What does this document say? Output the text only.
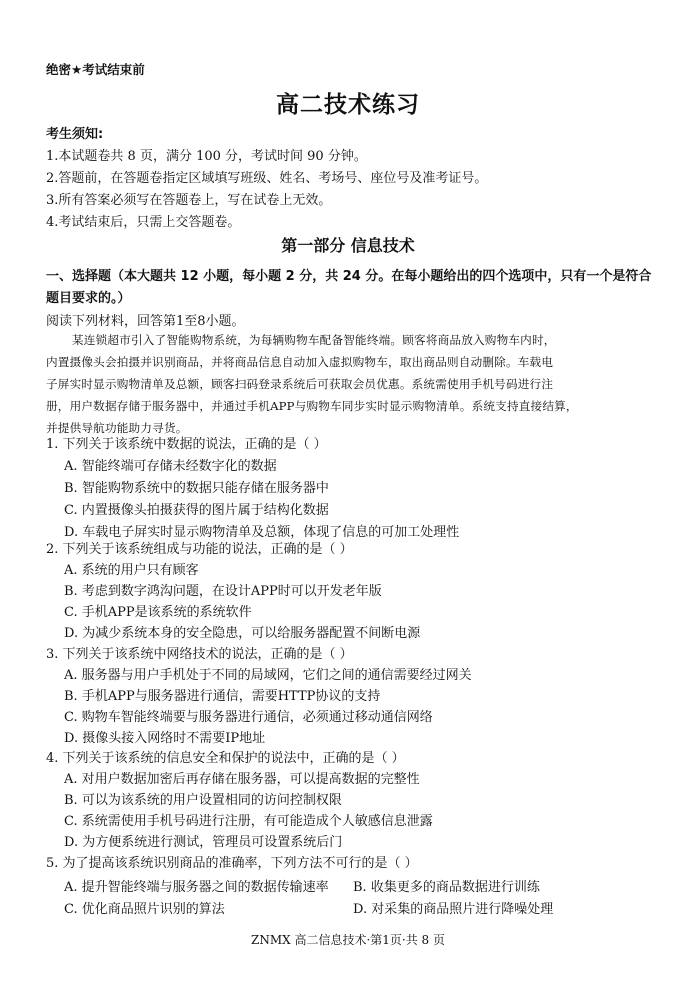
绝密★考试结束前
高二技术练习
考生须知:
1.本试题卷共 8 页，满分 100 分，考试时间 90 分钟。
2.答题前，在答题卷指定区域填写班级、姓名、考场号、座位号及准考证号。
3.所有答案必须写在答题卷上，写在试卷上无效。
4.考试结束后，只需上交答题卷。
第一部分 信息技术
一、选择题（本大题共 12 小题，每小题 2 分，共 24 分。在每小题给出的四个选项中，只有一个是符合题目要求的。）
阅读下列材料，回答第1至8小题。
某连锁超市引入了智能购物系统，为每辆购物车配备智能终端。顾客将商品放入购物车内时，
内置摄像头会拍摄并识别商品，并将商品信息自动加入虚拟购物车，取出商品则自动删除。车载电
子屏实时显示购物清单及总额，顾客扫码登录系统后可获取会员优惠。系统需使用手机号码进行注
册，用户数据存储于服务器中，并通过手机APP与购物车同步实时显示购物清单。系统支持直接结算，
并提供导航功能助力寻货。
1. 下列关于该系统中数据的说法，正确的是（ ）
A. 智能终端可存储未经数字化的数据
B. 智能购物系统中的数据只能存储在服务器中
C. 内置摄像头拍摄获得的图片属于结构化数据
D. 车载电子屏实时显示购物清单及总额，体现了信息的可加工处理性
2. 下列关于该系统组成与功能的说法，正确的是（ ）
A. 系统的用户只有顾客
B. 考虑到数字鸿沟问题，在设计APP时可以开发老年版
C. 手机APP是该系统的系统软件
D. 为减少系统本身的安全隐患，可以给服务器配置不间断电源
3. 下列关于该系统中网络技术的说法，正确的是（ ）
A. 服务器与用户手机处于不同的局域网，它们之间的通信需要经过网关
B. 手机APP与服务器进行通信，需要HTTP协议的支持
C. 购物车智能终端要与服务器进行通信，必须通过移动通信网络
D. 摄像头接入网络时不需要IP地址
4. 下列关于该系统的信息安全和保护的说法中，正确的是（ ）
A. 对用户数据加密后再存储在服务器，可以提高数据的完整性
B. 可以为该系统的用户设置相同的访问控制权限
C. 系统需使用手机号码进行注册，有可能造成个人敏感信息泄露
D. 为方便系统进行测试，管理员可设置系统后门
5. 为了提高该系统识别商品的准确率，下列方法不可行的是（ ）
A. 提升智能终端与服务器之间的数据传输速率 B. 收集更多的商品数据进行训练
C. 优化商品照片识别的算法	D. 对采集的商品照片进行降噪处理
ZNMX 高二信息技术·第1页·共 8 页
